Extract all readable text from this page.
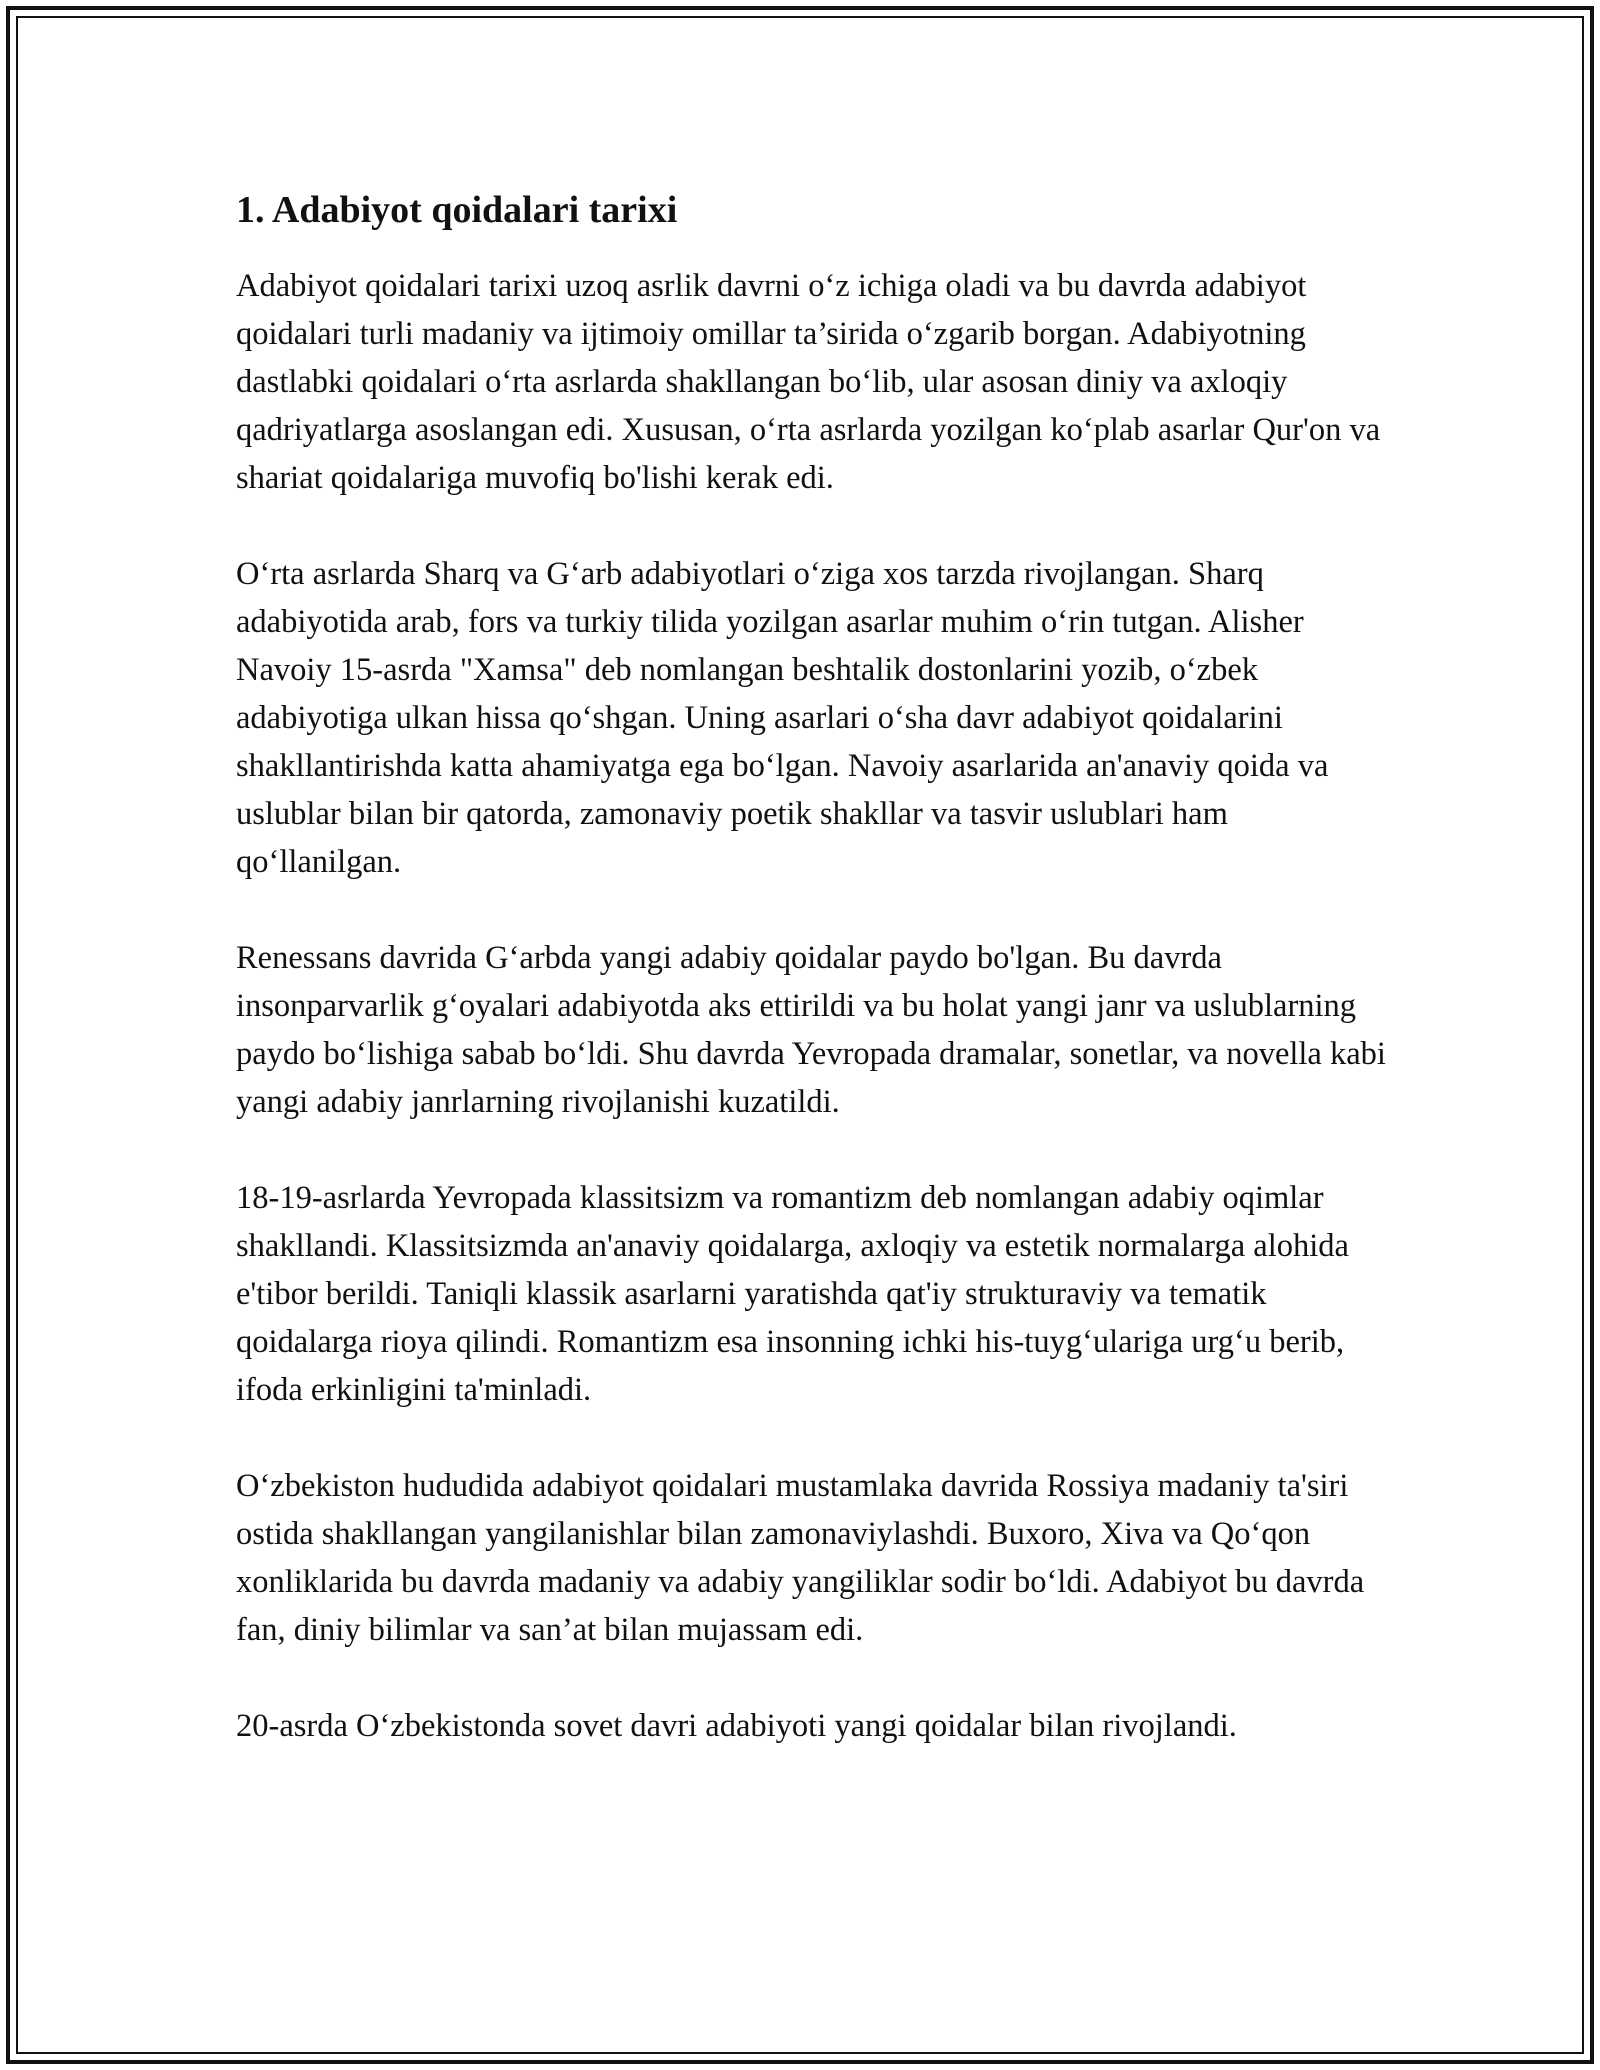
1. Adabiyot qoidalari tarixi

Adabiyot qoidalari tarixi uzoq asrlik davrni o‘z ichiga oladi va bu davrda adabiyot qoidalari turli madaniy va ijtimoiy omillar ta’sirida o‘zgarib borgan. Adabiyotning dastlabki qoidalari o‘rta asrlarda shakllangan bo‘lib, ular asosan diniy va axloqiy qadriyatlarga asoslangan edi. Xususan, o‘rta asrlarda yozilgan ko‘plab asarlar Qur'on va shariat qoidalariga muvofiq bo'lishi kerak edi.

O‘rta asrlarda Sharq va G‘arb adabiyotlari o‘ziga xos tarzda rivojlangan. Sharq adabiyotida arab, fors va turkiy tilida yozilgan asarlar muhim o‘rin tutgan. Alisher Navoiy 15-asrda "Xamsa" deb nomlangan beshtalik dostonlarini yozib, o‘zbek adabiyotiga ulkan hissa qo‘shgan. Uning asarlari o‘sha davr adabiyot qoidalarini shakllantirishda katta ahamiyatga ega bo‘lgan. Navoiy asarlarida an'anaviy qoida va uslublar bilan bir qatorda, zamonaviy poetik shakllar va tasvir uslublari ham qo‘llanilgan.

Renessans davrida G‘arbda yangi adabiy qoidalar paydo bo'lgan. Bu davrda insonparvarlik g‘oyalari adabiyotda aks ettirildi va bu holat yangi janr va uslublarning paydo bo‘lishiga sabab bo‘ldi. Shu davrda Yevropada dramalar, sonetlar, va novella kabi yangi adabiy janrlarning rivojlanishi kuzatildi.

18-19-asrlarda Yevropada klassitsizm va romantizm deb nomlangan adabiy oqimlar shakllandi. Klassitsizmda an'anaviy qoidalarga, axloqiy va estetik normalarga alohida e'tibor berildi. Taniqli klassik asarlarni yaratishda qat'iy strukturaviy va tematik qoidalarga rioya qilindi. Romantizm esa insonning ichki his-tuyg‘ulariga urg‘u berib, ifoda erkinligini ta'minladi.

O‘zbekiston hududida adabiyot qoidalari mustamlaka davrida Rossiya madaniy ta'siri ostida shakllangan yangilanishlar bilan zamonaviylashdi. Buxoro, Xiva va Qo‘qon xonliklarida bu davrda madaniy va adabiy yangiliklar sodir bo‘ldi. Adabiyot bu davrda fan, diniy bilimlar va san’at bilan mujassam edi.

20-asrda O‘zbekistonda sovet davri adabiyoti yangi qoidalar bilan rivojlandi.
